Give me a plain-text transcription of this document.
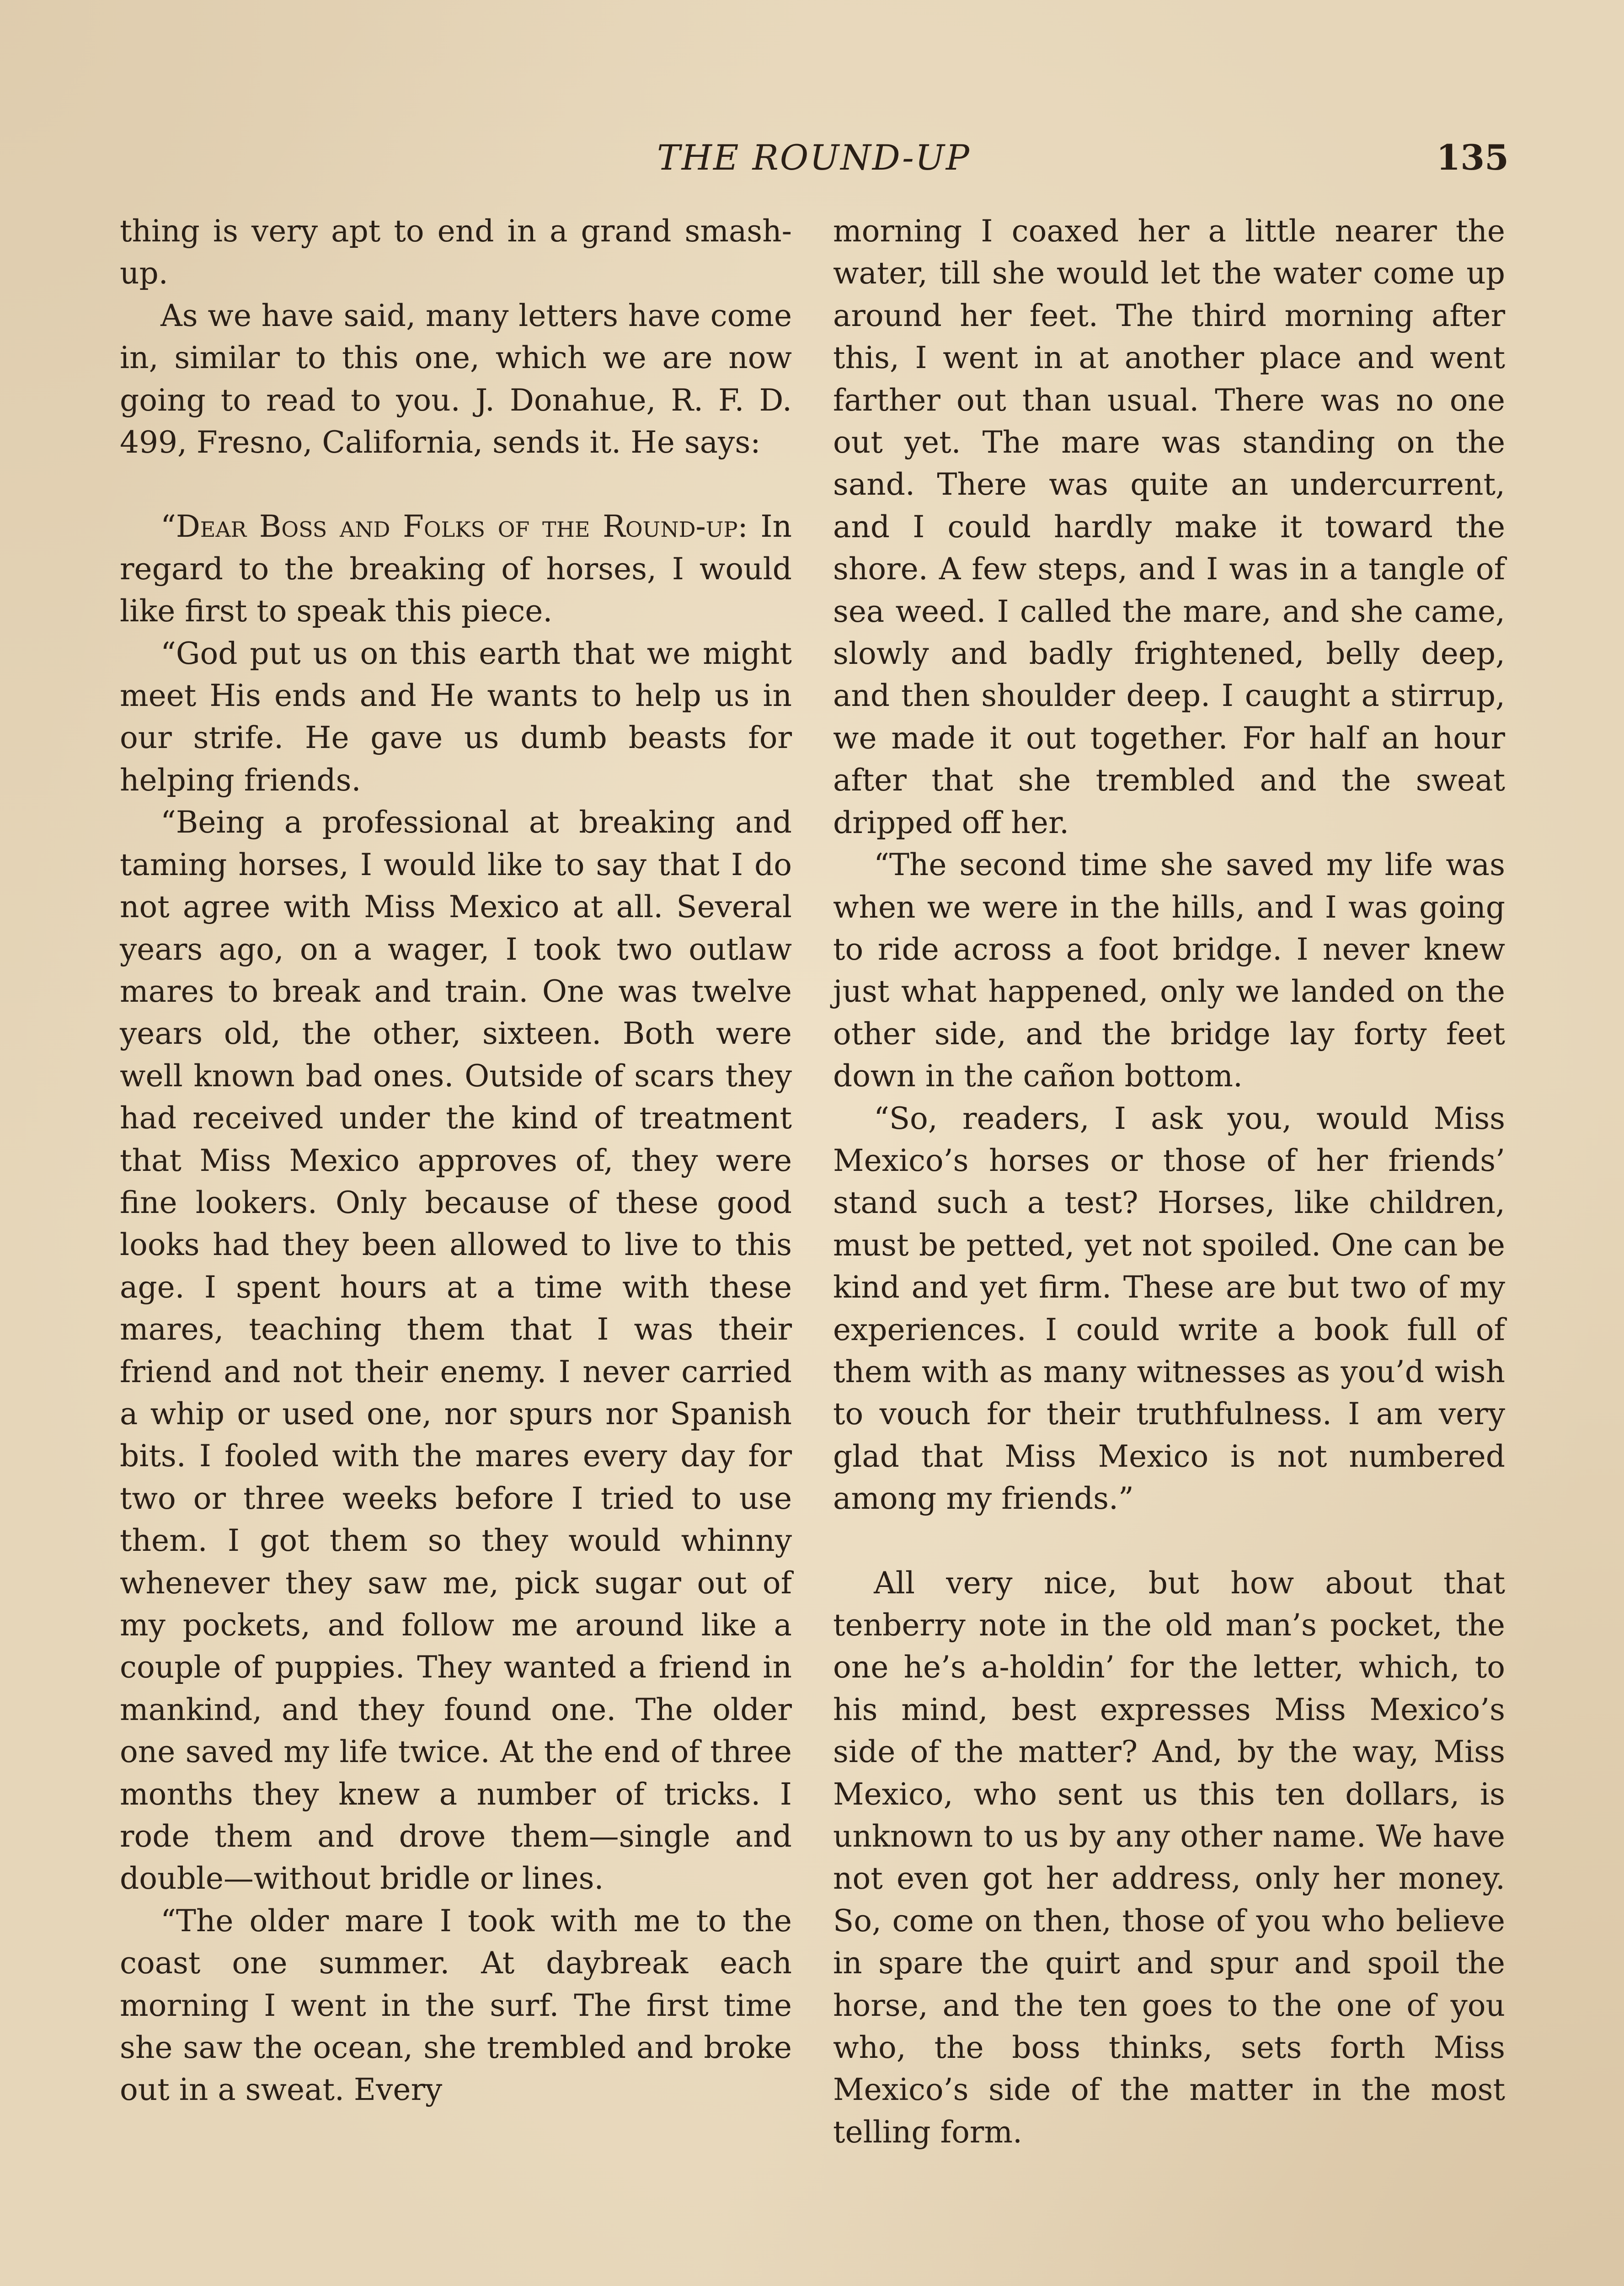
THE ROUND-UP	135

thing is very apt to end in a grand smash-up.

As we have said, many letters have come in, similar to this one, which we are now going to read to you. J. Donahue, R. F. D. 499, Fresno, California, sends it. He says:

“Dear Boss and Folks of the Round-up: In regard to the breaking of horses, I would like first to speak this piece.

“God put us on this earth that we might meet His ends and He wants to help us in our strife. He gave us dumb beasts for helping friends.

“Being a professional at breaking and taming horses, I would like to say that I do not agree with Miss Mexico at all. Several years ago, on a wager, I took two outlaw mares to break and train. One was twelve years old, the other, sixteen. Both were well known bad ones. Outside of scars they had received under the kind of treatment that Miss Mexico approves of, they were fine lookers. Only because of these good looks had they been allowed to live to this age. I spent hours at a time with these mares, teaching them that I was their friend and not their enemy. I never carried a whip or used one, nor spurs nor Spanish bits. I fooled with the mares every day for two or three weeks before I tried to use them. I got them so they would whinny whenever they saw me, pick sugar out of my pockets, and follow me around like a couple of puppies. They wanted a friend in mankind, and they found one. The older one saved my life twice. At the end of three months they knew a number of tricks. I rode them and drove them—single and double—without bridle or lines.

“The older mare I took with me to the coast one summer. At daybreak each morning I went in the surf. The first time she saw the ocean, she trembled and broke out in a sweat. Every

morning I coaxed her a little nearer the water, till she would let the water come up around her feet. The third morning after this, I went in at another place and went farther out than usual. There was no one out yet. The mare was standing on the sand. There was quite an undercurrent, and I could hardly make it toward the shore. A few steps, and I was in a tangle of sea weed. I called the mare, and she came, slowly and badly frightened, belly deep, and then shoulder deep. I caught a stirrup, we made it out together. For half an hour after that she trembled and the sweat dripped off her.

“The second time she saved my life was when we were in the hills, and I was going to ride across a foot bridge. I never knew just what happened, only we landed on the other side, and the bridge lay forty feet down in the cañon bottom.

“So, readers, I ask you, would Miss Mexico’s horses or those of her friends’ stand such a test? Horses, like children, must be petted, yet not spoiled. One can be kind and yet firm. These are but two of my experiences. I could write a book full of them with as many witnesses as you’d wish to vouch for their truthfulness. I am very glad that Miss Mexico is not numbered among my friends.”

All very nice, but how about that tenberry note in the old man’s pocket, the one he’s a-holdin’ for the letter, which, to his mind, best expresses Miss Mexico’s side of the matter? And, by the way, Miss Mexico, who sent us this ten dollars, is unknown to us by any other name. We have not even got her address, only her money. So, come on then, those of you who believe in spare the quirt and spur and spoil the horse, and the ten goes to the one of you who, the boss thinks, sets forth Miss Mexico’s side of the matter in the most telling form.
